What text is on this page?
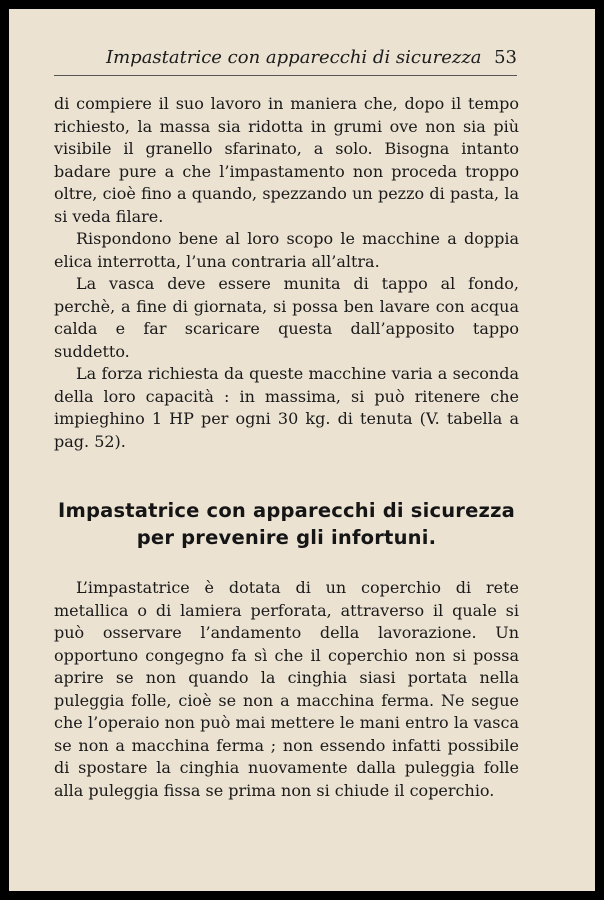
Impastatrice con apparecchi di sicurezza 53

di compiere il suo lavoro in maniera che, dopo il tempo richiesto, la massa sia ridotta in grumi ove non sia più visibile il granello sfarinato, a solo. Bisogna intanto badare pure a che l’impastamento non proceda troppo oltre, cioè fino a quando, spezzando un pezzo di pasta, la si veda filare.

Rispondono bene al loro scopo le macchine a doppia elica interrotta, l’una contraria all’altra.

La vasca deve essere munita di tappo al fondo, perchè, a fine di giornata, si possa ben lavare con acqua calda e far scaricare questa dall’apposito tappo suddetto.

La forza richiesta da queste macchine varia a seconda della loro capacità : in massima, si può ritenere che impieghino 1 HP per ogni 30 kg. di tenuta (V. tabella a pag. 52).

Impastatrice con apparecchi di sicurezza
per prevenire gli infortuni.

L’impastatrice è dotata di un coperchio di rete metallica o di lamiera perforata, attraverso il quale si può osservare l’andamento della lavorazione. Un opportuno congegno fa sì che il coperchio non si possa aprire se non quando la cinghia siasi portata nella puleggia folle, cioè se non a macchina ferma. Ne segue che l’operaio non può mai mettere le mani entro la vasca se non a macchina ferma ; non essendo infatti possibile di spostare la cinghia nuovamente dalla puleggia folle alla puleggia fissa se prima non si chiude il coperchio.
